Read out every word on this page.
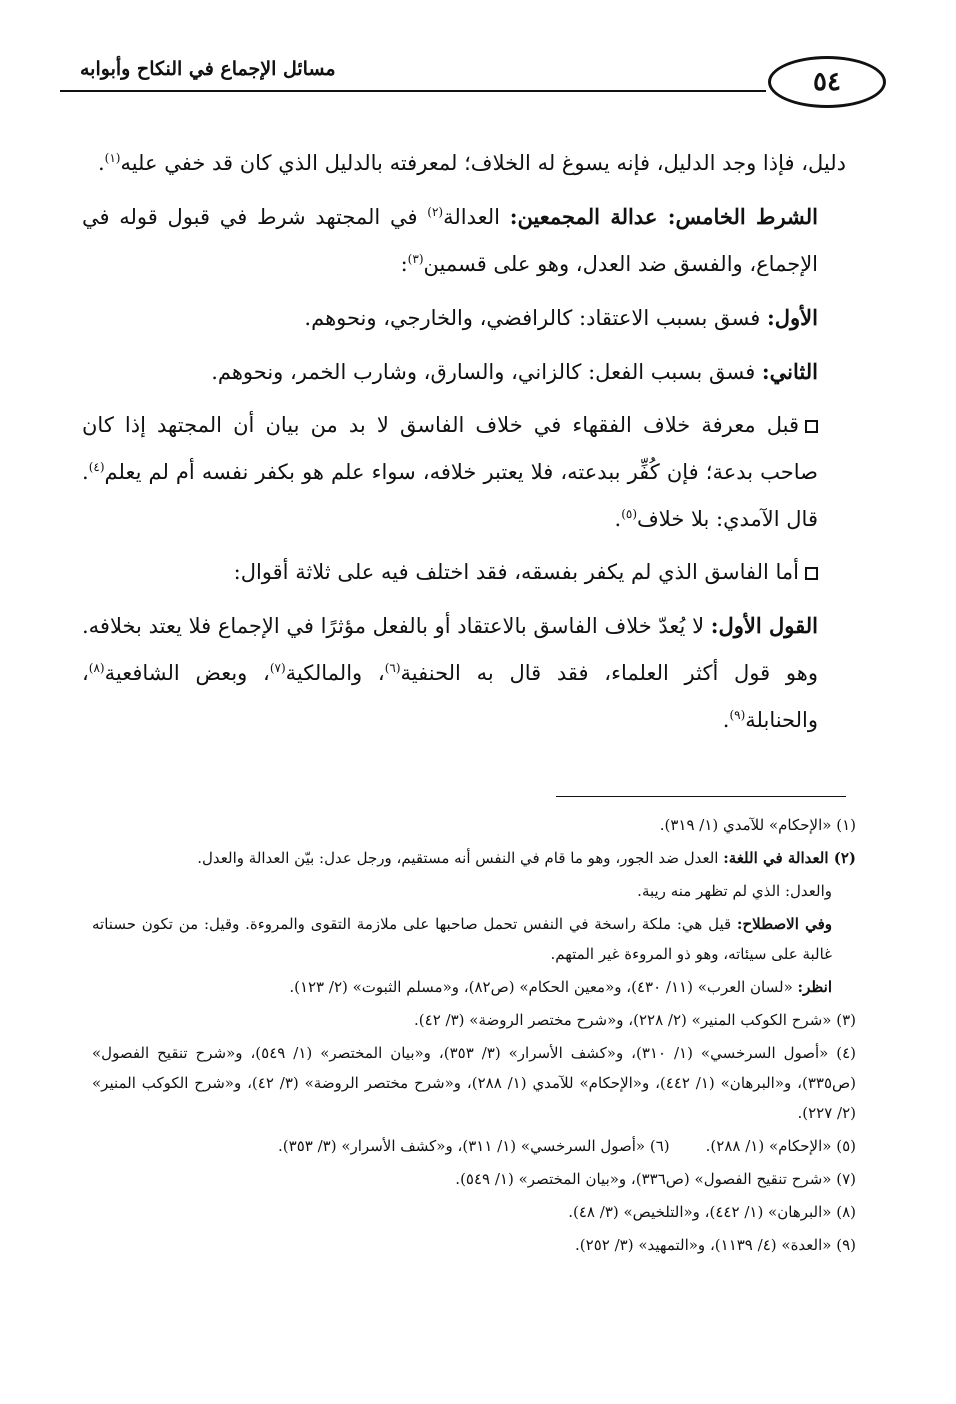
مسائل الإجماع في النكاح وأبوابه	٥٤

دليل، فإذا وجد الدليل، فإنه يسوغ له الخلاف؛ لمعرفته بالدليل الذي كان قد خفي عليه$^{(١)}$.

الشرط الخامس: عدالة المجمعين: العدالة$^{(٢)}$ في المجتهد شرط في قبول قوله في الإجماع، والفسق ضد العدل، وهو على قسمين$^{(٣)}$:

الأول: فسق بسبب الاعتقاد: كالرافضي، والخارجي، ونحوهم.

الثاني: فسق بسبب الفعل: كالزاني، والسارق، وشارب الخمر، ونحوهم.

قبل معرفة خلاف الفقهاء في خلاف الفاسق لا بد من بيان أن المجتهد إذا كان صاحب بدعة؛ فإن كُفِّر ببدعته، فلا يعتبر خلافه، سواء علم هو بكفر نفسه أم لم يعلم$^{(٤)}$. قال الآمدي: بلا خلاف$^{(٥)}$.

أما الفاسق الذي لم يكفر بفسقه، فقد اختلف فيه على ثلاثة أقوال:

القول الأول: لا يُعدّ خلاف الفاسق بالاعتقاد أو بالفعل مؤثرًا في الإجماع فلا يعتد بخلافه. وهو قول أكثر العلماء، فقد قال به الحنفية$^{(٦)}$، والمالكية$^{(٧)}$، وبعض الشافعية$^{(٨)}$، والحنابلة$^{(٩)}$.

(١) «الإحكام» للآمدي (١/ ٣١٩).

(٢) العدالة في اللغة: العدل ضد الجور، وهو ما قام في النفس أنه مستقيم، ورجل عدل: بيّن العدالة والعدل.

والعدل: الذي لم تظهر منه ريبة.

وفي الاصطلاح: قيل هي: ملكة راسخة في النفس تحمل صاحبها على ملازمة التقوى والمروءة. وقيل: من تكون حسناته غالبة على سيئاته، وهو ذو المروءة غير المتهم.

انظر: «لسان العرب» (١١/ ٤٣٠)، و«معين الحكام» (ص٨٢)، و«مسلم الثبوت» (٢/ ١٢٣).

(٣) «شرح الكوكب المنير» (٢/ ٢٢٨)، و«شرح مختصر الروضة» (٣/ ٤٢).

(٤) «أصول السرخسي» (١/ ٣١٠)، و«كشف الأسرار» (٣/ ٣٥٣)، و«بيان المختصر» (١/ ٥٤٩)، و«شرح تنقيح الفصول» (ص٣٣٥)، و«البرهان» (١/ ٤٤٢)، و«الإحكام» للآمدي (١/ ٢٨٨)، و«شرح مختصر الروضة» (٣/ ٤٢)، و«شرح الكوكب المنير» (٢/ ٢٢٧).

(٥) «الإحكام» (١/ ٢٨٨).

(٦) «أصول السرخسي» (١/ ٣١١)، و«كشف الأسرار» (٣/ ٣٥٣).

(٧) «شرح تنقيح الفصول» (ص٣٣٦)، و«بيان المختصر» (١/ ٥٤٩).

(٨) «البرهان» (١/ ٤٤٢)، و«التلخيص» (٣/ ٤٨).

(٩) «العدة» (٤/ ١١٣٩)، و«التمهيد» (٣/ ٢٥٢).
